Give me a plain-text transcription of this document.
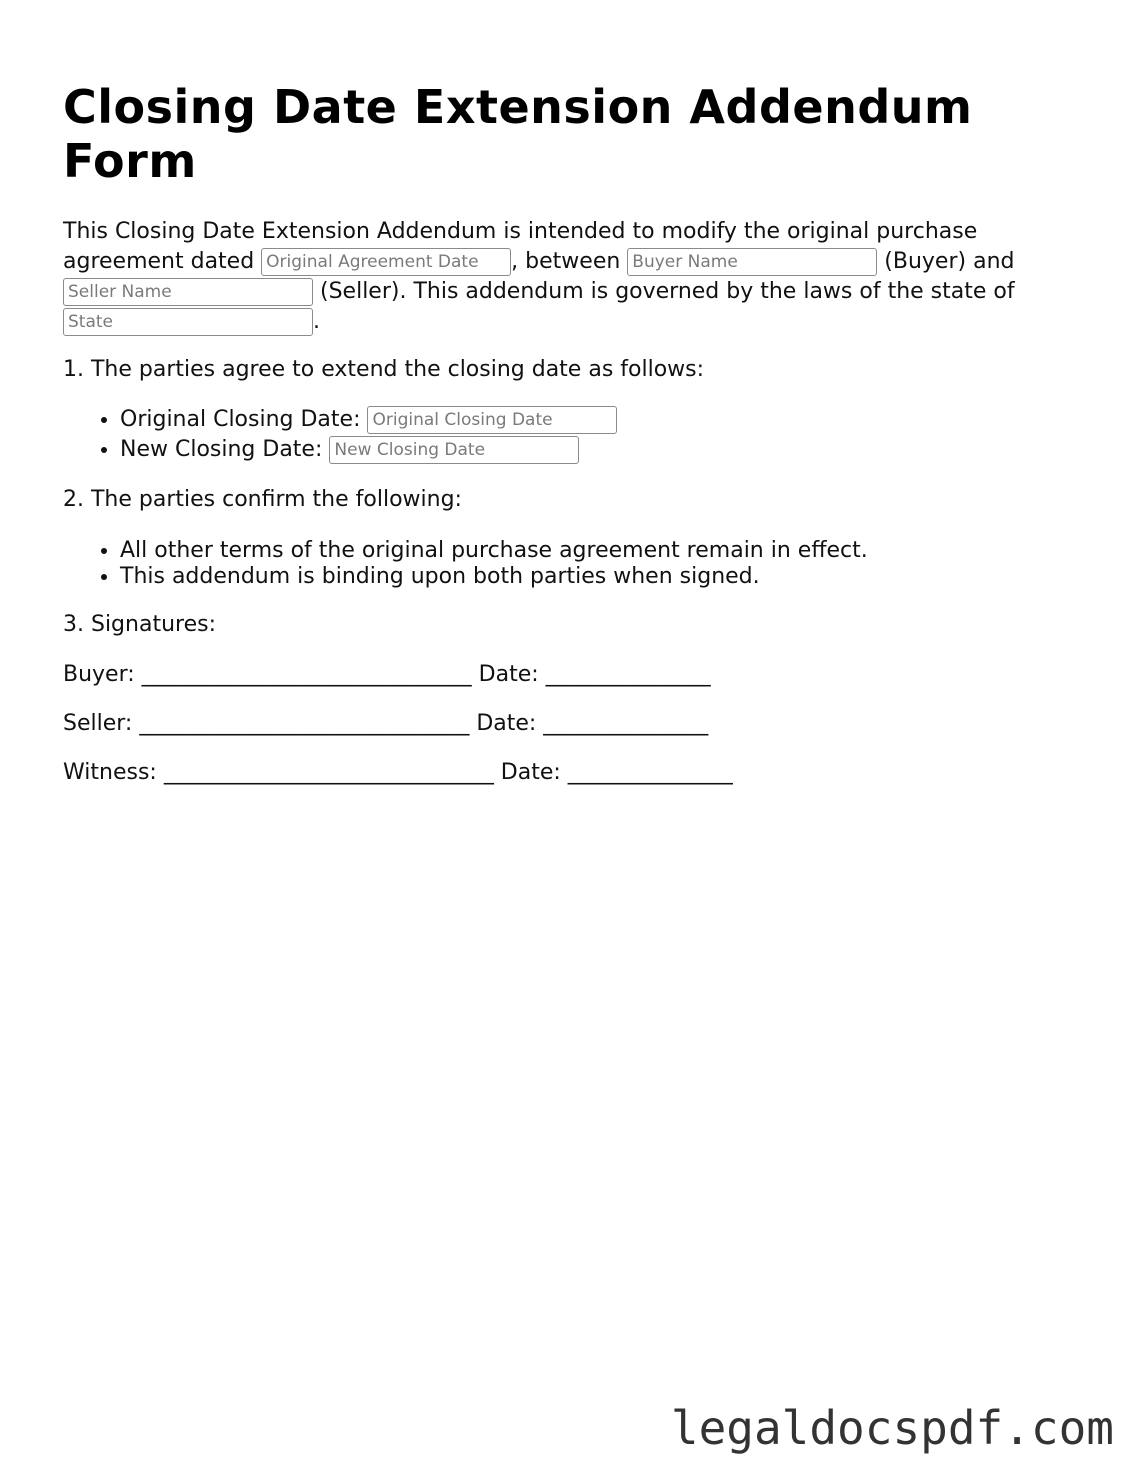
Closing Date Extension Addendum Form

This Closing Date Extension Addendum is intended to modify the original purchase agreement dated Original Agreement Date	, between Buyer Name	(Buyer) and Seller Name (Seller). This addendum is governed by the laws of the state of State.

1. The parties agree to extend the closing date as follows:

• Original Closing Date: Original Closing Date
• New Closing Date: New Closing Date

2. The parties confirm the following:

• All other terms of the original purchase agreement remain in effect.
• This addendum is binding upon both parties when signed.

3. Signatures:

Buyer: ______________________________ Date: _______________

Seller: ______________________________ Date: _______________

Witness: ______________________________ Date: _______________

legaldocspdf.com
